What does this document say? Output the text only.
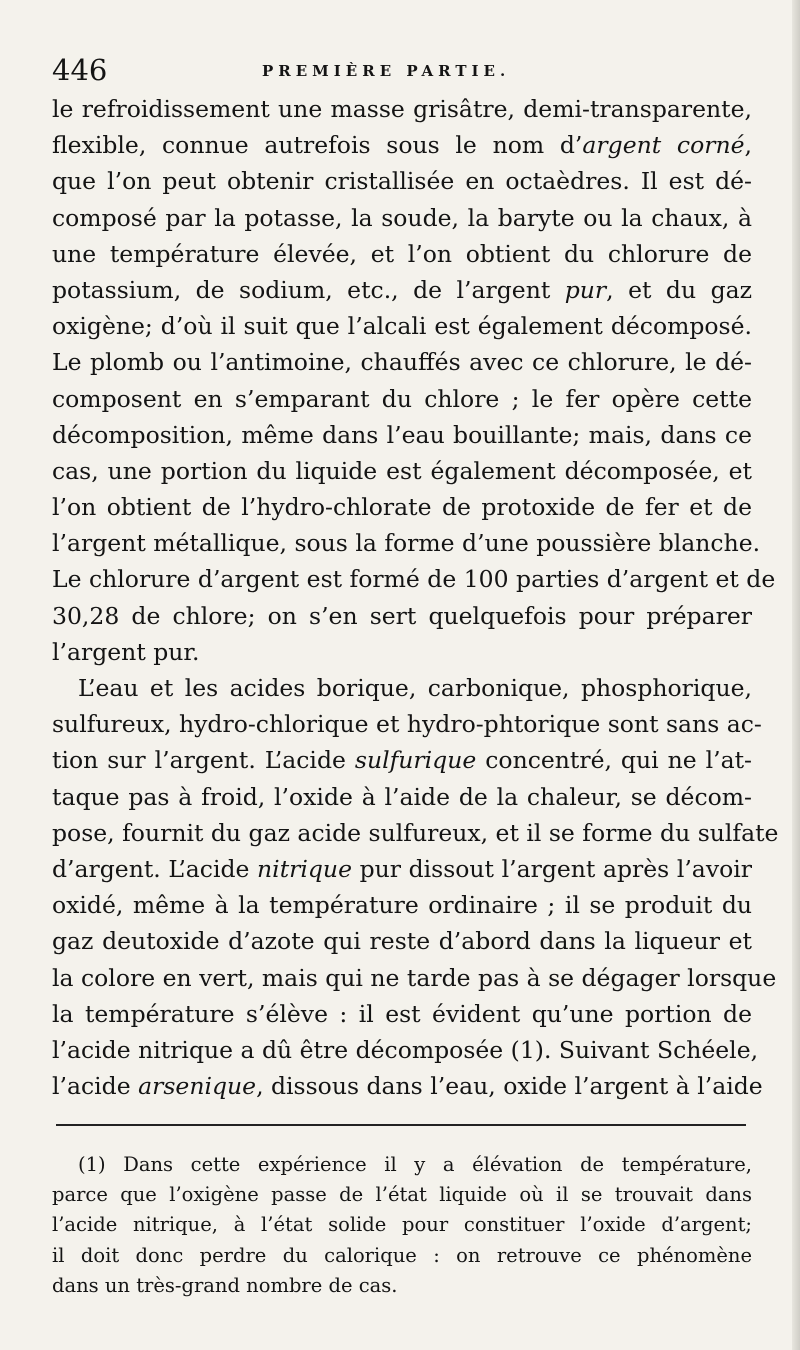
446	PREMIÈRE PARTIE.
le refroidissement une masse grisâtre, demi-transparente,
flexible, connue autrefois sous le nom d’argent corné,
que l’on peut obtenir cristallisée en octaèdres. Il est dé-
composé par la potasse, la soude, la baryte ou la chaux, à
une température élevée, et l’on obtient du chlorure de
potassium, de sodium, etc., de l’argent pur, et du gaz
oxigène; d’où il suit que l’alcali est également décomposé.
Le plomb ou l’antimoine, chauffés avec ce chlorure, le dé-
composent en s’emparant du chlore ; le fer opère cette
décomposition, même dans l’eau bouillante; mais, dans ce
cas, une portion du liquide est également décomposée, et
l’on obtient de l’hydro-chlorate de protoxide de fer et de
l’argent métallique, sous la forme d’une poussière blanche.
Le chlorure d’argent est formé de 100 parties d’argent et de
30,28 de chlore; on s’en sert quelquefois pour préparer
l’argent pur.
L’eau et les acides borique, carbonique, phosphorique,
sulfureux, hydro-chlorique et hydro-phtorique sont sans ac-
tion sur l’argent. L’acide sulfurique concentré, qui ne l’at-
taque pas à froid, l’oxide à l’aide de la chaleur, se décom-
pose, fournit du gaz acide sulfureux, et il se forme du sulfate
d’argent. L’acide nitrique pur dissout l’argent après l’avoir
oxidé, même à la température ordinaire ; il se produit du
gaz deutoxide d’azote qui reste d’abord dans la liqueur et
la colore en vert, mais qui ne tarde pas à se dégager lorsque
la température s’élève : il est évident qu’une portion de
l’acide nitrique a dû être décomposée (1). Suivant Schéele,
l’acide arsenique, dissous dans l’eau, oxide l’argent à l’aide
(1) Dans cette expérience il y a élévation de température,
parce que l’oxigène passe de l’état liquide où il se trouvait dans
l’acide nitrique, à l’état solide pour constituer l’oxide d’argent;
il doit donc perdre du calorique : on retrouve ce phénomène
dans un très-grand nombre de cas.
